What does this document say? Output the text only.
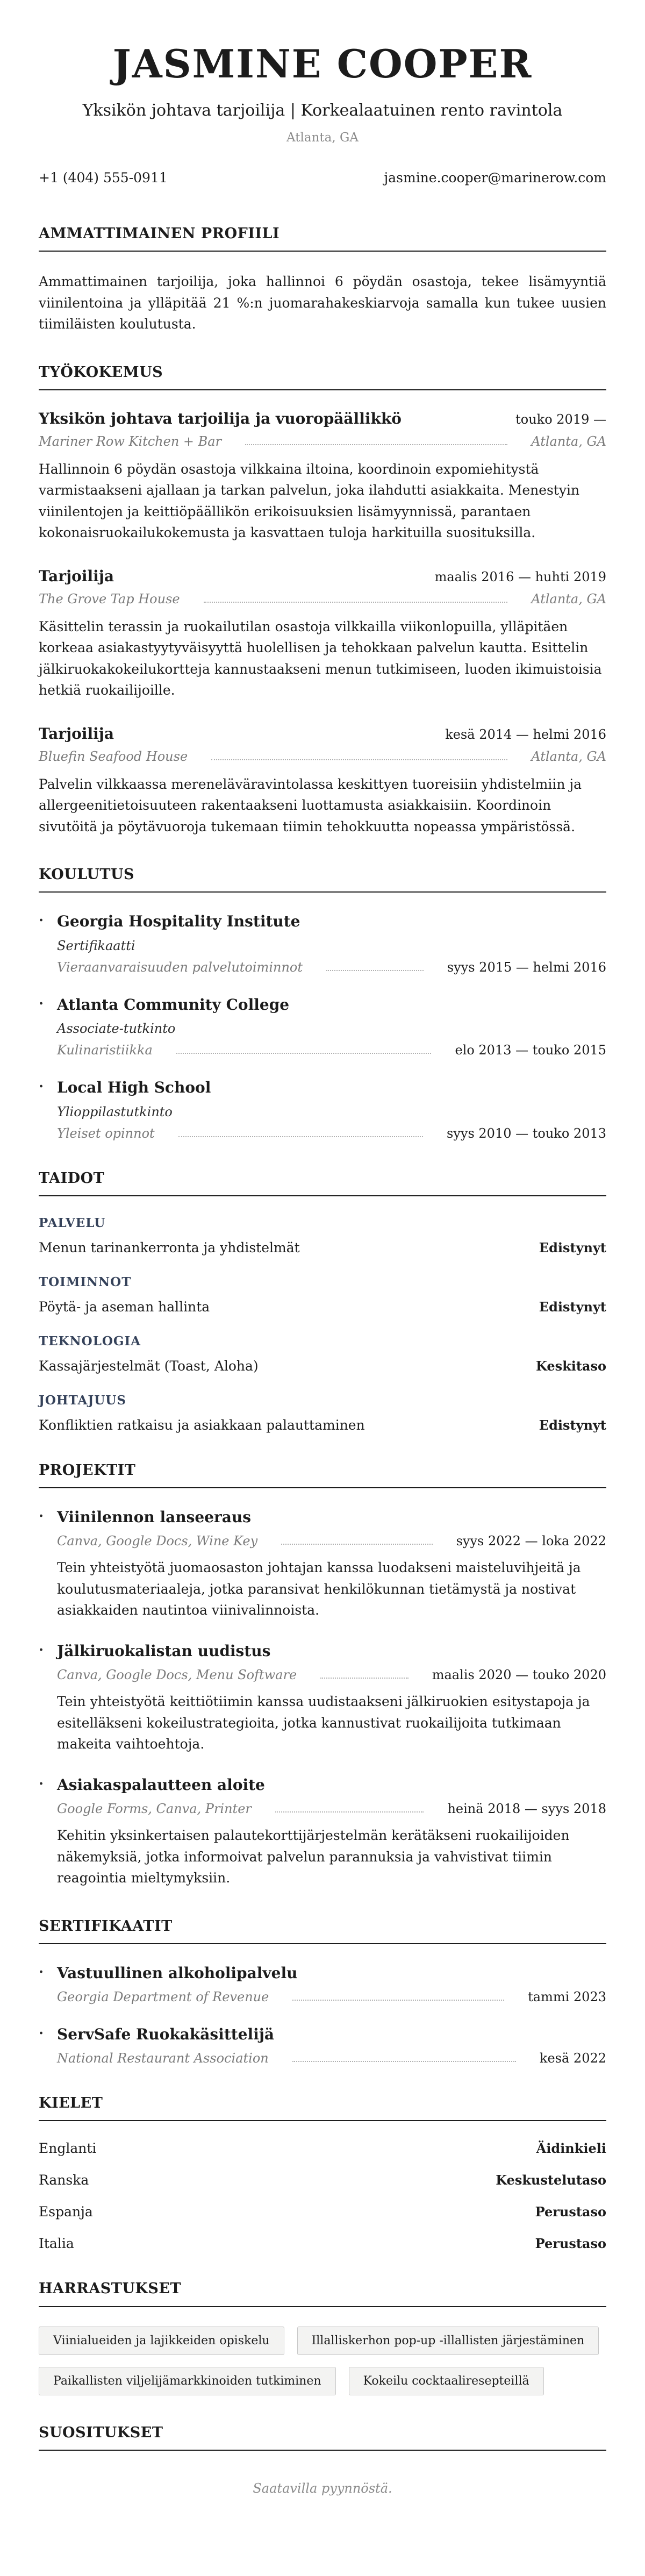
JASMINE COOPER
Yksikön johtava tarjoilija | Korkealaatuinen rento ravintola
Atlanta, GA
+1 (404) 555-0911	jasmine.cooper@marinerow.com
AMMATTIMAINEN PROFIILI

Ammattimainen tarjoilija, joka hallinnoi 6 pöydän osastoja, tekee lisämyyntiä viinilentoina ja ylläpitää 21 %:n juomarahakeskiarvoja samalla kun tukee uusien tiimiläisten koulutusta.

TYÖKOKEMUS
Yksikön johtava tarjoilija ja vuoropäällikkö	touko 2019 —
Mariner Row Kitchen + Bar	Atlanta, GA

Hallinnoin 6 pöydän osastoja vilkkaina iltoina, koordinoin expomiehitystä varmistaakseni ajallaan ja tarkan palvelun, joka ilahdutti asiakkaita. Menestyin viinilentojen ja keittiöpäällikön erikoisuuksien lisämyynnissä, parantaen kokonaisruokailukokemusta ja kasvattaen tuloja harkituilla suosituksilla.

Tarjoilija	maalis 2016 — huhti 2019
The Grove Tap House	Atlanta, GA

Käsittelin terassin ja ruokailutilan osastoja vilkkailla viikonlopuilla, ylläpitäen korkeaa asiakastyytyväisyyttä huolellisen ja tehokkaan palvelun kautta. Esittelin jälkiruokakokeilukortteja kannustaakseni menun tutkimiseen, luoden ikimuistoisia hetkiä ruokailijoille.

Tarjoilija	kesä 2014 — helmi 2016
Bluefin Seafood House	Atlanta, GA

Palvelin vilkkaassa mereneläväravintolassa keskittyen tuoreisiin yhdistelmiin ja allergeenitietoisuuteen rakentaakseni luottamusta asiakkaisiin. Koordinoin sivutöitä ja pöytävuoroja tukemaan tiimin tehokkuutta nopeassa ympäristössä.

KOULUTUS
· Georgia Hospitality Institute
Sertifikaatti
Vieraanvaraisuuden palvelutoiminnot	syys 2015 — helmi 2016
· Atlanta Community College
Associate-tutkinto
Kulinaristiikka	elo 2013 — touko 2015
· Local High School
Ylioppilastutkinto
Yleiset opinnot	syys 2010 — touko 2013
TAIDOT
PALVELU
Menun tarinankerronta ja yhdistelmät	Edistynyt
TOIMINNOT
Pöytä- ja aseman hallinta	Edistynyt
TEKNOLOGIA
Kassajärjestelmät (Toast, Aloha)	Keskitaso
JOHTAJUUS
Konfliktien ratkaisu ja asiakkaan palauttaminen	Edistynyt
PROJEKTIT
· Viinilennon lanseeraus
Canva, Google Docs, Wine Key	syys 2022 — loka 2022

Tein yhteistyötä juomaosaston johtajan kanssa luodakseni maisteluvihjeitä ja koulutusmateriaaleja, jotka paransivat henkilökunnan tietämystä ja nostivat asiakkaiden nautintoa viinivalinnoista.

· Jälkiruokalistan uudistus
Canva, Google Docs, Menu Software	maalis 2020 — touko 2020

Tein yhteistyötä keittiötiimin kanssa uudistaakseni jälkiruokien esitystapoja ja esitelläkseni kokeilustrategioita, jotka kannustivat ruokailijoita tutkimaan makeita vaihtoehtoja.

· Asiakaspalautteen aloite
Google Forms, Canva, Printer	heinä 2018 — syys 2018

Kehitin yksinkertaisen palautekorttijärjestelmän kerätäkseni ruokailijoiden näkemyksiä, jotka informoivat palvelun parannuksia ja vahvistivat tiimin reagointia mieltymyksiin.

SERTIFIKAATIT
· Vastuullinen alkoholipalvelu
Georgia Department of Revenue	tammi 2023
· ServSafe Ruokakäsittelijä
National Restaurant Association	kesä 2022
KIELET
Englanti	Äidinkieli
Ranska	Keskustelutaso
Espanja	Perustaso
Italia	Perustaso
HARRASTUKSET
Viinialueiden ja lajikkeiden opiskelu	Illalliskerhon pop-up -illallisten järjestäminen
Paikallisten viljelijämarkkinoiden tutkiminen	Kokeilu cocktaaliresepteillä
SUOSITUKSET
Saatavilla pyynnöstä.
